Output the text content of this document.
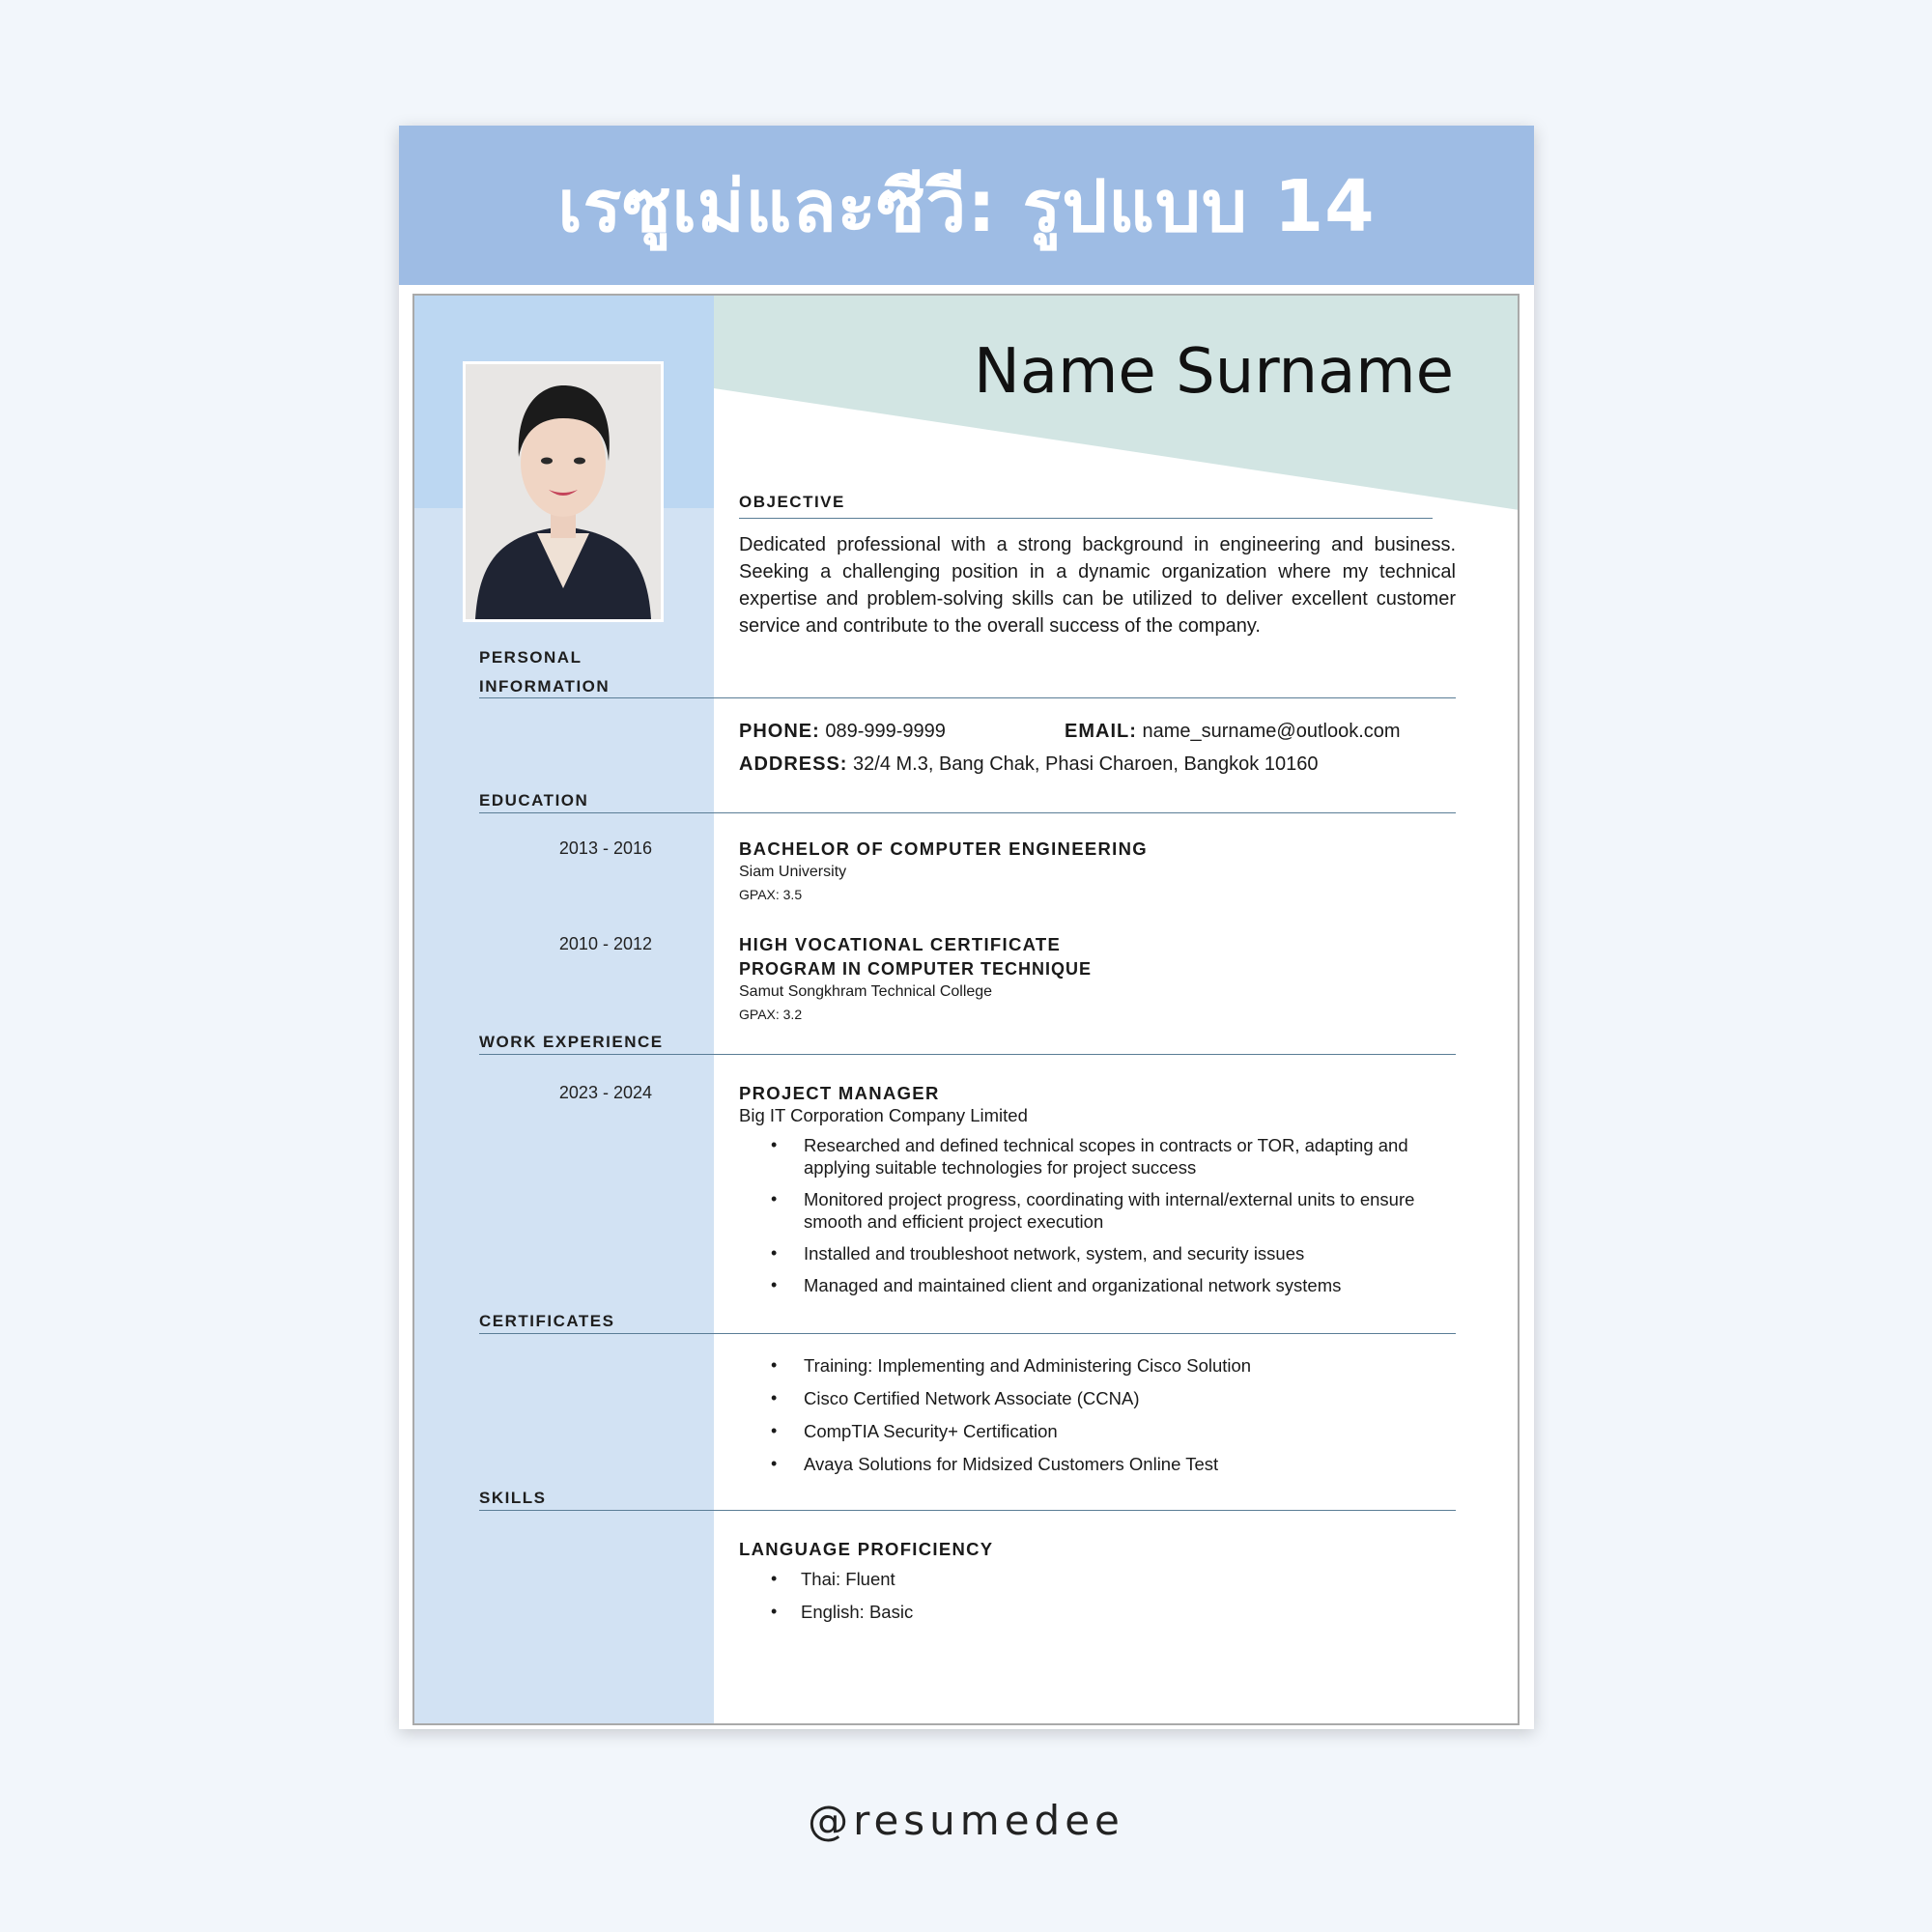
เรซูเม่และซีวี: รูปแบบ 14
Name Surname
OBJECTIVE
Dedicated professional with a strong background in engineering and business. Seeking a challenging position in a dynamic organization where my technical expertise and problem-solving skills can be utilized to deliver excellent customer service and contribute to the overall success of the company.
PERSONAL
INFORMATION
PHONE: 089-999-9999	EMAIL: name_surname@outlook.com
ADDRESS: 32/4 M.3, Bang Chak, Phasi Charoen, Bangkok 10160
EDUCATION
2013 - 2016	BACHELOR OF COMPUTER ENGINEERING
Siam University
GPAX: 3.5
2010 - 2012	HIGH VOCATIONAL CERTIFICATE
PROGRAM IN COMPUTER TECHNIQUE
Samut Songkhram Technical College
GPAX: 3.2
WORK EXPERIENCE
2023 - 2024	PROJECT MANAGER
Big IT Corporation Company Limited
• Researched and defined technical scopes in contracts or TOR, adapting and applying suitable technologies for project success
• Monitored project progress, coordinating with internal/external units to ensure smooth and efficient project execution
• Installed and troubleshoot network, system, and security issues
• Managed and maintained client and organizational network systems
CERTIFICATES
• Training: Implementing and Administering Cisco Solution
• Cisco Certified Network Associate (CCNA)
• CompTIA Security+ Certification
• Avaya Solutions for Midsized Customers Online Test
SKILLS
LANGUAGE PROFICIENCY
• Thai: Fluent
• English: Basic
@resumedee
